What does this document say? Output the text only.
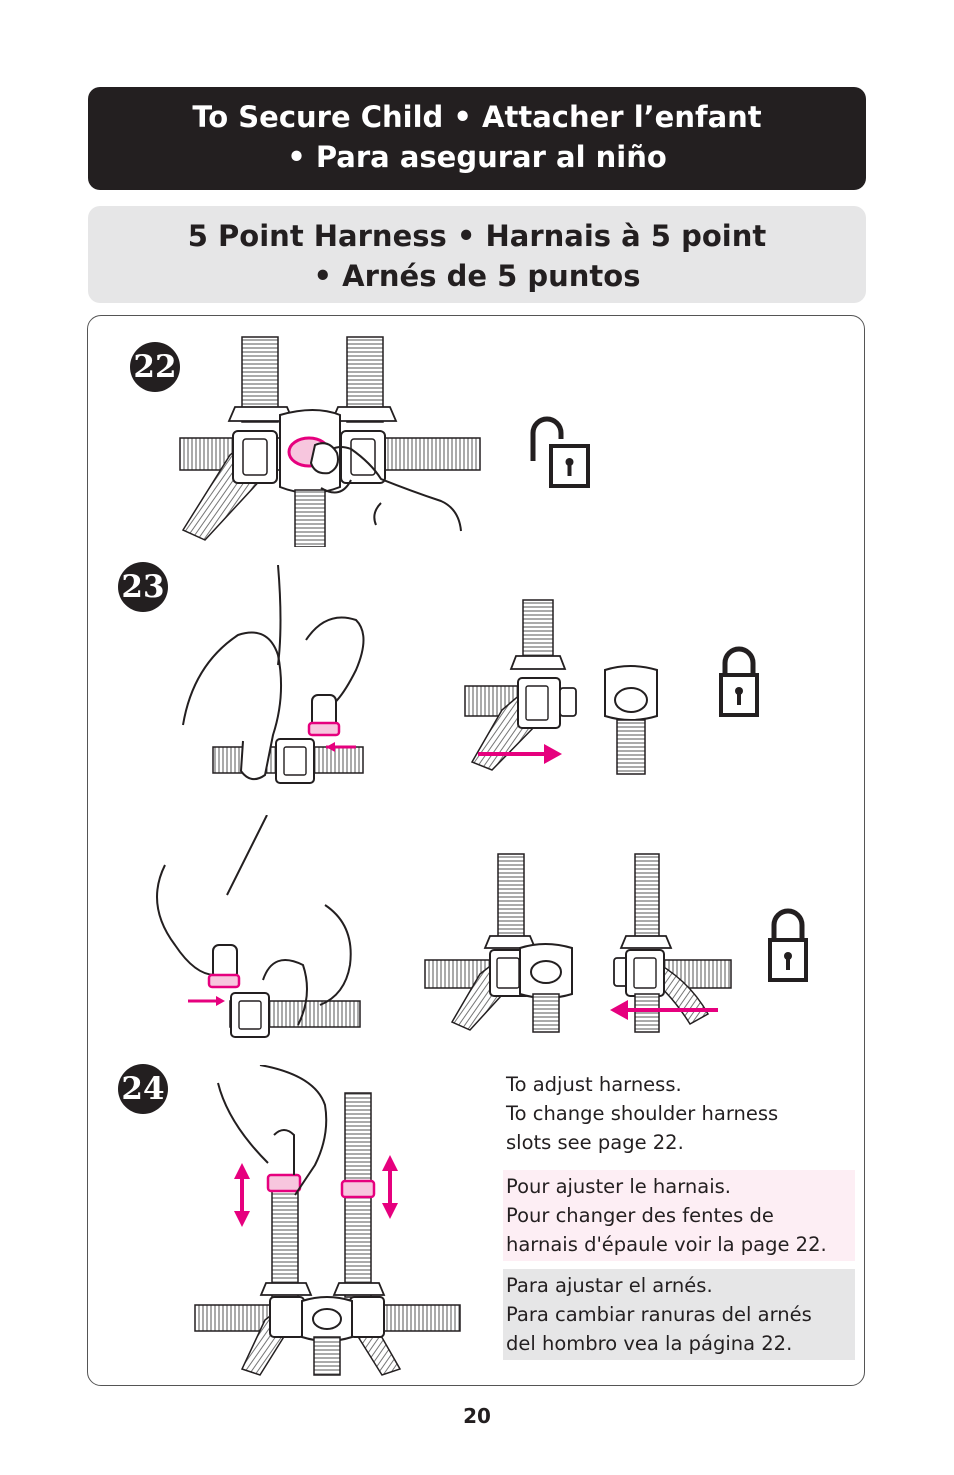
To Secure Child • Attacher l’enfant
• Para asegurar al niño
5 Point Harness • Harnais à 5 point
• Arnés de 5 puntos
22
23
24	To adjust harness.
To change shoulder harness
slots see page 22.
Pour ajuster le harnais.
Pour changer des fentes de
harnais d'épaule voir la page 22.
Para ajustar el arnés.
Para cambiar ranuras del arnés
del hombro vea la página 22.
20
